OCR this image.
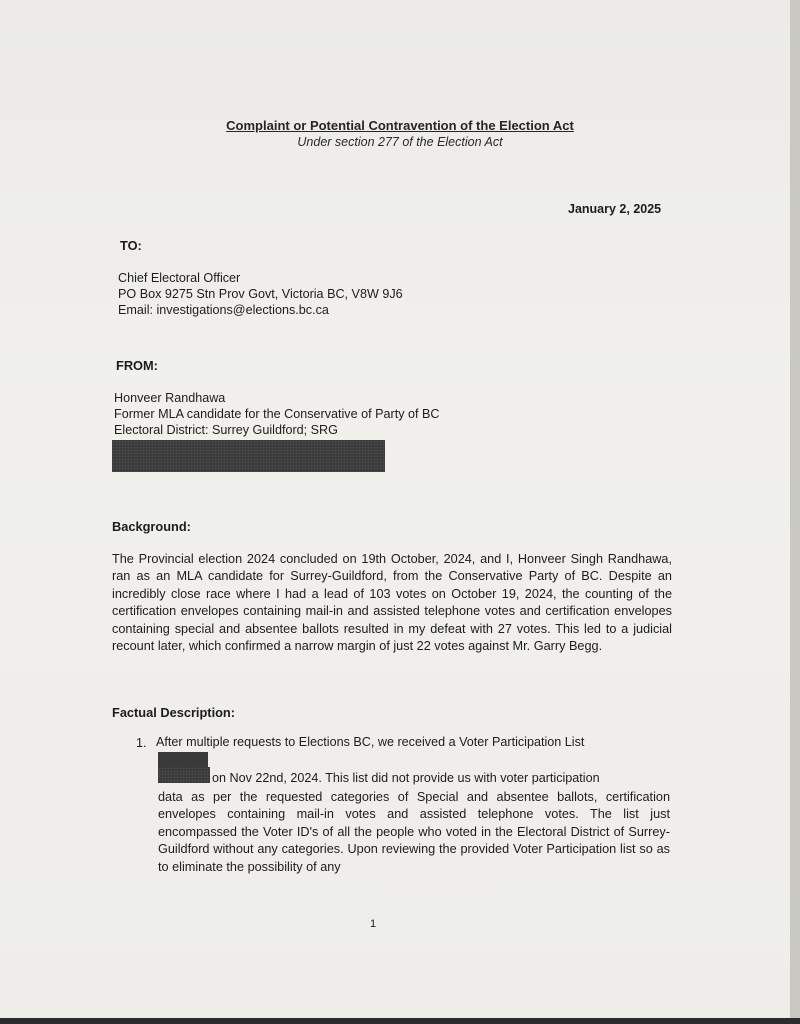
Complaint or Potential Contravention of the Election Act
Under section 277 of the Election Act
January 2, 2025
TO:
Chief Electoral Officer
PO Box 9275 Stn Prov Govt, Victoria BC, V8W 9J6
Email: investigations@elections.bc.ca
FROM:
Honveer Randhawa
Former MLA candidate for the Conservative of Party of BC
Electoral District: Surrey Guildford; SRG
Background:
The Provincial election 2024 concluded on 19th October, 2024, and I, Honveer Singh Randhawa, ran as an MLA candidate for Surrey-Guildford, from the Conservative Party of BC. Despite an incredibly close race where I had a lead of 103 votes on October 19, 2024, the counting of the certification envelopes containing mail-in and assisted telephone votes and certification envelopes containing special and absentee ballots resulted in my defeat with 27 votes. This led to a judicial recount later, which confirmed a narrow margin of just 22 votes against Mr. Garry Begg.
Factual Description:
1. After multiple requests to Elections BC, we received a Voter Participation List
on Nov 22nd, 2024. This list did not provide us with voter participation
data as per the requested categories of Special and absentee ballots, certification envelopes containing mail-in votes and assisted telephone votes. The list just encompassed the Voter ID's of all the people who voted in the Electoral District of Surrey-Guildford without any categories. Upon reviewing the provided Voter Participation list so as to eliminate the possibility of any
1
